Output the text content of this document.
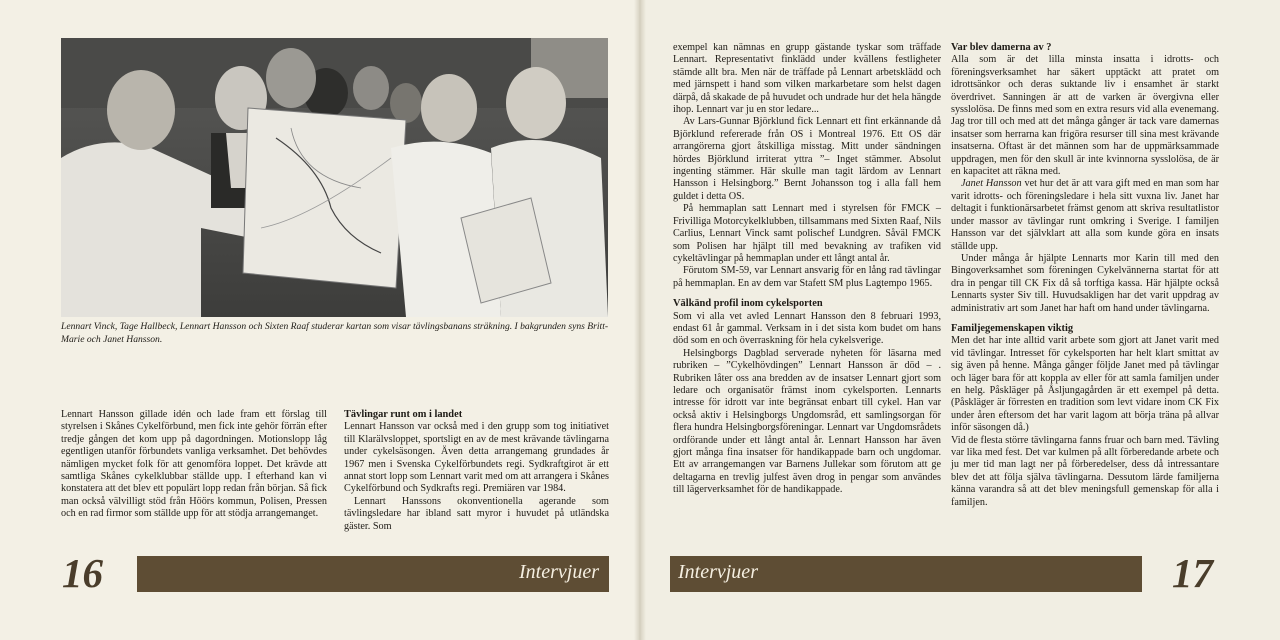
Lennart Vinck, Tage Hallbeck, Lennart Hansson och Sixten Raaf studerar kartan som visar tävlingsbanans sträkning. I bakgrunden syns Britt-Marie och Janet Hansson.

Lennart Hansson gillade idén och lade fram ett förslag till styrelsen i Skånes Cykelförbund, men fick inte gehör förrän efter tredje gången det kom upp på dagordningen. Motionslopp låg egentligen utanför förbundets vanliga verksamhet. Det behövdes nämligen mycket folk för att genomföra loppet. Det krävde att samtliga Skånes cykelklubbar ställde upp. I efterhand kan vi konstatera att det blev ett populärt lopp redan från början. Så fick man också välvilligt stöd från Höörs kommun, Polisen, Pressen och en rad firmor som ställde upp för att stödja arrangemanget.

Tävlingar runt om i landet

Lennart Hansson var också med i den grupp som tog initiativet till Klarälvsloppet, sportsligt en av de mest krävande tävlingarna under cykelsäsongen. Även detta arrangemang grundades år 1967 men i Svenska Cykelförbundets regi. Sydkraftgirot är ett annat stort lopp som Lennart varit med om att arrangera i Skånes Cykelförbund och Sydkrafts regi. Premiären var 1984.

Lennart Hanssons okonventionella agerande som tävlingsledare har ibland satt myror i huvudet på utländska gäster. Som

16	Intervjuer

exempel kan nämnas en grupp gästande tyskar som träffade Lennart. Representativt finklädd under kvällens festligheter stämde allt bra. Men när de träffade på Lennart arbetsklädd och med järnspett i hand som vilken markarbetare som helst dagen därpå, då skakade de på huvudet och undrade hur det hela hängde ihop. Lennart var ju en stor ledare...

Av Lars-Gunnar Björklund fick Lennart ett fint erkännande då Björklund refererade från OS i Montreal 1976. Ett OS där arrangörerna gjort åtskilliga misstag. Mitt under sändningen hördes Björklund irriterat yttra ”– Inget stämmer. Absolut ingenting stämmer. Här skulle man tagit lärdom av Lennart Hansson i Helsingborg.” Bernt Johansson tog i alla fall hem guldet i detta OS.

På hemmaplan satt Lennart med i styrelsen för FMCK – Frivilliga Motorcykelklubben, tillsammans med Sixten Raaf, Nils Carlius, Lennart Vinck samt polischef Lundgren. Såväl FMCK som Polisen har hjälpt till med bevakning av trafiken vid cykeltävlingar på hemmaplan under ett långt antal år.

Förutom SM-59, var Lennart ansvarig för en lång rad tävlingar på hemmaplan. En av dem var Stafett SM plus Lagtempo 1965.

Välkänd profil inom cykelsporten

Som vi alla vet avled Lennart Hansson den 8 februari 1993, endast 61 år gammal. Verksam in i det sista kom budet om hans död som en och överraskning för hela cykelsverige.

Helsingborgs Dagblad serverade nyheten för läsarna med rubriken – ”Cykelhövdingen” Lennart Hansson är död – . Rubriken låter oss ana bredden av de insatser Lennart gjort som ledare och organisatör främst inom cykelsporten. Lennarts intresse för idrott var inte begränsat enbart till cykel. Han var också aktiv i Helsingborgs Ungdomsråd, ett samlingsorgan för flera hundra Helsingborgsföreningar. Lennart var Ungdomsrådets ordförande under ett långt antal år. Lennart Hansson har även gjort många fina insatser för handikappade barn och ungdomar. Ett av arrangemangen var Barnens Jullekar som förutom att ge deltagarna en trevlig julfest även drog in pengar som användes till lägerverksamhet för de handikappade.

Var blev damerna av ?

Alla som är det lilla minsta insatta i idrotts- och föreningsverksamhet har säkert upptäckt att pratet om idrottsänkor och deras suktande liv i ensamhet är starkt överdrivet. Sanningen är att de varken är övergivna eller sysslolösa. De finns med som en extra resurs vid alla evenemang. Jag tror till och med att det många gånger är tack vare damernas insatser som herrarna kan frigöra resurser till sina mest krävande insatserna. Oftast är det männen som har de uppmärksammade uppdragen, men för den skull är inte kvinnorna sysslolösa, de är en kapacitet att räkna med.

Janet Hansson vet hur det är att vara gift med en man som har varit idrotts- och föreningsledare i hela sitt vuxna liv. Janet har deltagit i funktionärsarbetet främst genom att skriva resultatlistor under massor av tävlingar runt omkring i Sverige. I familjen Hansson var det självklart att alla som kunde göra en insats ställde upp.

Under många år hjälpte Lennarts mor Karin till med den Bingoverksamhet som föreningen Cykelvännerna startat för att dra in pengar till CK Fix då så torftiga kassa. Här hjälpte också Lennarts syster Siv till. Huvudsakligen har det varit uppdrag av administrativ art som Janet har haft om hand under tävlingarna.

Familjegemenskapen viktig

Men det har inte alltid varit arbete som gjort att Janet varit med vid tävlingar. Intresset för cykelsporten har helt klart smittat av sig även på henne. Många gånger följde Janet med på tävlingar och läger bara för att koppla av eller för att samla familjen under en helg. Påskläger på Åsljungagården är ett exempel på detta. (Påskläger är förresten en tradition som levt vidare inom CK Fix under åren eftersom det har varit lagom att börja träna på allvar inför säsongen då.)

Vid de flesta större tävlingarna fanns fruar och barn med. Tävling var lika med fest. Det var kulmen på allt förberedande arbete och ju mer tid man lagt ner på förberedelser, dess då intressantare blev det att följa själva tävlingarna. Dessutom lärde familjerna känna varandra så att det blev meningsfull gemenskap för alla i familjen.

Intervjuer	17
